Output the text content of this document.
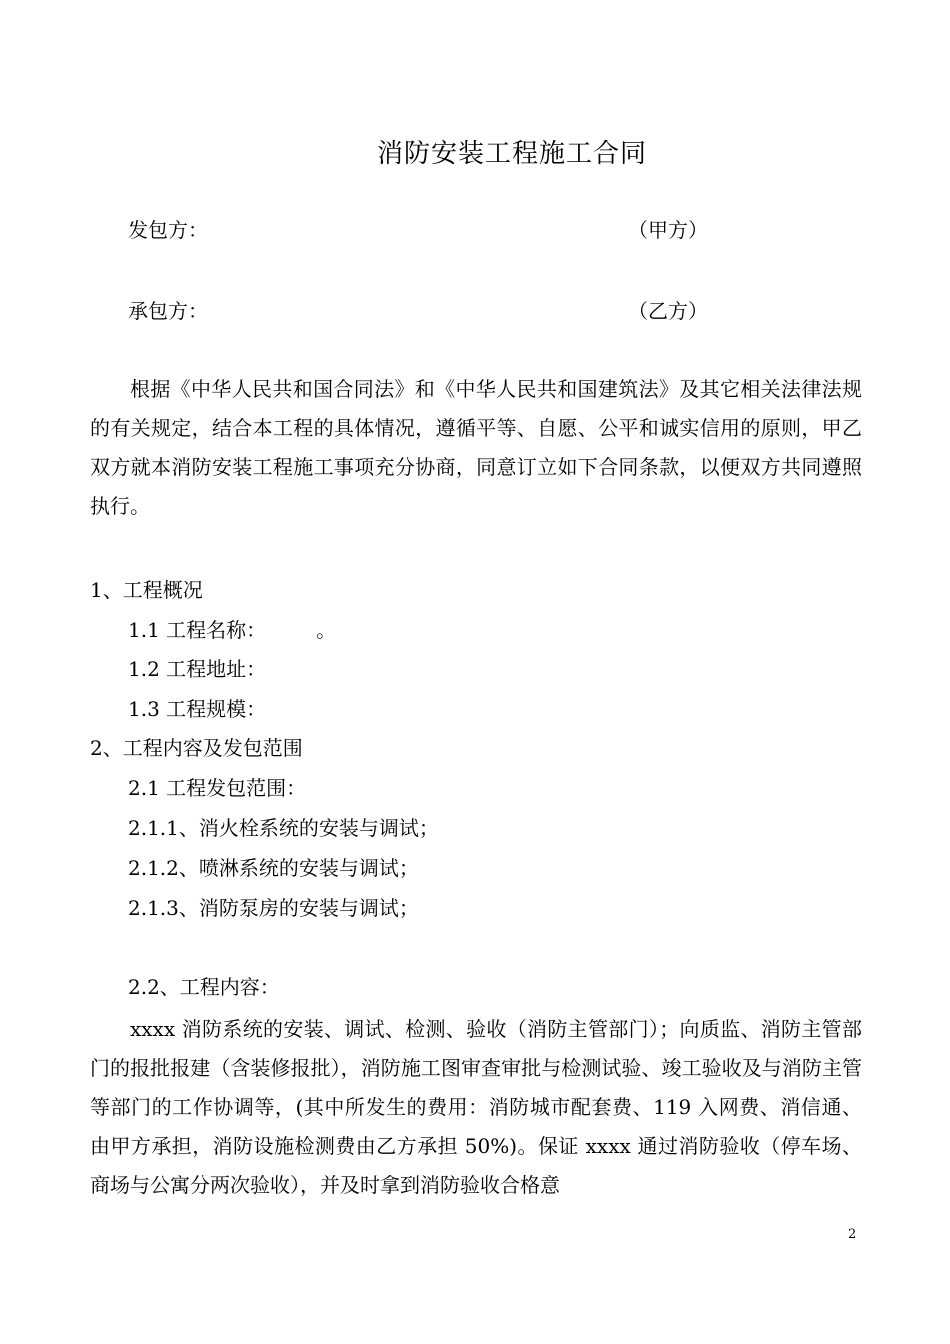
消防安装工程施工合同
发包方：	（甲方）
承包方：	（乙方）

根据《中华人民共和国合同法》和《中华人民共和国建筑法》及其它相关法律法规的有关规定，结合本工程的具体情况，遵循平等、自愿、公平和诚实信用的原则，甲乙双方就本消防安装工程施工事项充分协商，同意订立如下合同条款，以便双方共同遵照执行。

1、工程概况
1.1 工程名称：　　　。
1.2 工程地址：
1.3 工程规模：
2、工程内容及发包范围
2.1 工程发包范围：
2.1.1、消火栓系统的安装与调试；
2.1.2、喷淋系统的安装与调试；
2.1.3、消防泵房的安装与调试；
2.2、工程内容：

xxxx 消防系统的安装、调试、检测、验收（消防主管部门）；向质监、消防主管部门的报批报建（含装修报批），消防施工图审查审批与检测试验、竣工验收及与消防主管等部门的工作协调等，(其中所发生的费用：消防城市配套费、119 入网费、消信通、由甲方承担，消防设施检测费由乙方承担 50%)。保证 xxxx 通过消防验收（停车场、商场与公寓分两次验收），并及时拿到消防验收合格意

2
